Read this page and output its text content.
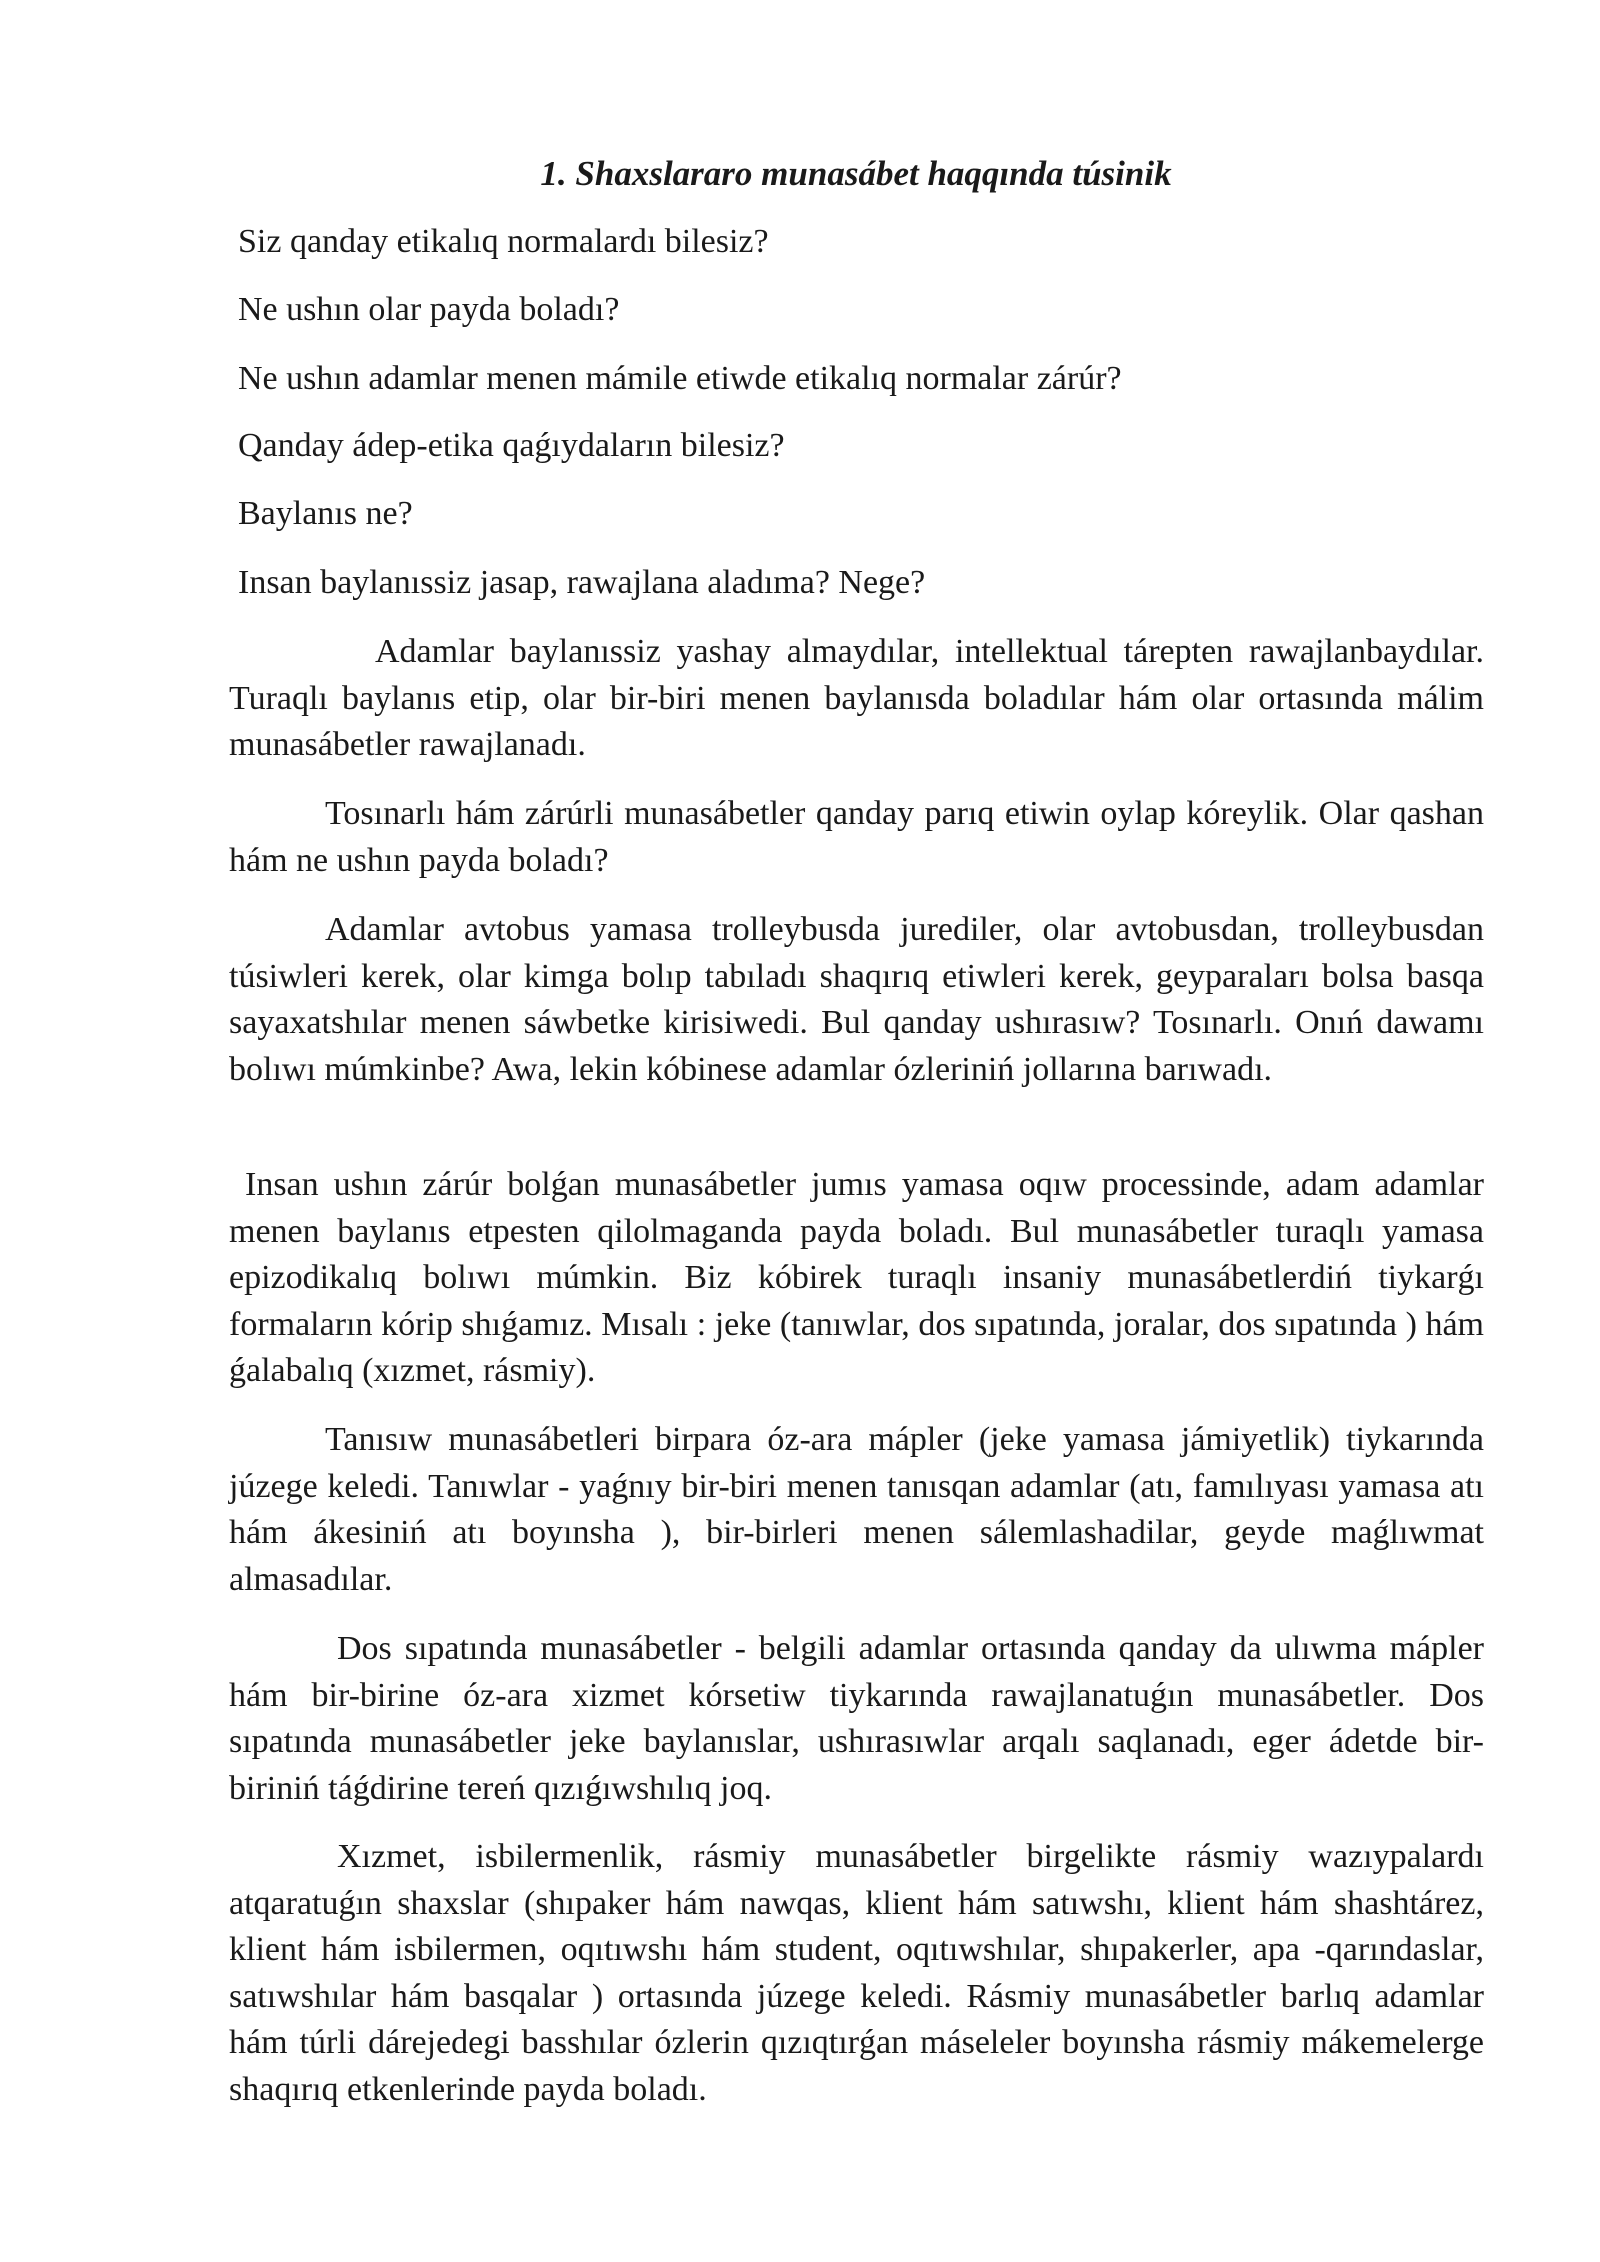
1. Shaxslararo munasábet haqqında túsinik

Siz qanday etikalıq normalardı bilesiz?

Ne ushın olar payda boladı?

Ne ushın adamlar menen mámile etiwde etikalıq normalar zárúr?

Qanday ádep-etika qaǵıydaların bilesiz?

Baylanıs ne?

Insan baylanıssiz jasap, rawajlana aladıma? Nege?

Adamlar baylanıssiz yashay almaydılar, intellektual tárepten rawajlanbaydılar. Turaqlı baylanıs etip, olar bir-biri menen baylanısda boladılar hám olar ortasında málim munasábetler rawajlanadı.

Tosınarlı hám zárúrli munasábetler qanday parıq etiwin oylap kóreylik. Olar qashan hám ne ushın payda boladı?

Adamlar avtobus yamasa trolleybusda jurediler, olar avtobusdan, trolleybusdan túsiwleri kerek, olar kimga bolıp tabıladı shaqırıq etiwleri kerek, geyparaları bolsa basqa sayaxatshılar menen sáwbetke kirisiwedi. Bul qanday ushırasıw? Tosınarlı. Onıń dawamı bolıwı múmkinbe? Awa, lekin kóbinese adamlar ózleriniń jollarına barıwadı.

Insan ushın zárúr bolǵan munasábetler jumıs yamasa oqıw processinde, adam adamlar menen baylanıs etpesten qilolmaganda payda boladı. Bul munasábetler turaqlı yamasa epizodikalıq bolıwı múmkin. Biz kóbirek turaqlı insaniy munasábetlerdiń tiykarǵı formaların kórip shıǵamız. Mısalı : jeke (tanıwlar, dos sıpatında, joralar, dos sıpatında ) hám ǵalabalıq (xızmet, rásmiy).

Tanısıw munasábetleri birpara óz-ara mápler (jeke yamasa jámiyetlik) tiykarında júzege keledi. Tanıwlar - yaǵnıy bir-biri menen tanısqan adamlar (atı, famılıyası yamasa atı hám ákesiniń atı boyınsha ), bir-birleri menen sálemlashadilar, geyde maǵlıwmat almasadılar.

Dos sıpatında munasábetler - belgili adamlar ortasında qanday da ulıwma mápler hám bir-birine óz-ara xizmet kórsetiw tiykarında rawajlanatuǵın munasábetler. Dos sıpatında munasábetler jeke baylanıslar, ushırasıwlar arqalı saqlanadı, eger ádetde bir-biriniń táǵdirine tereń qızıǵıwshılıq joq.

Xızmet, isbilermenlik, rásmiy munasábetler birgelikte rásmiy wazıypalardı atqaratuǵın shaxslar (shıpaker hám nawqas, klient hám satıwshı, klient hám shashtárez, klient hám isbilermen, oqıtıwshı hám student, oqıtıwshılar, shıpakerler, apa -qarındaslar, satıwshılar hám basqalar ) ortasında júzege keledi. Rásmiy munasábetler barlıq adamlar hám túrli dárejedegi basshılar ózlerin qızıqtırǵan máseleler boyınsha rásmiy mákemelerge shaqırıq etkenlerinde payda boladı.
